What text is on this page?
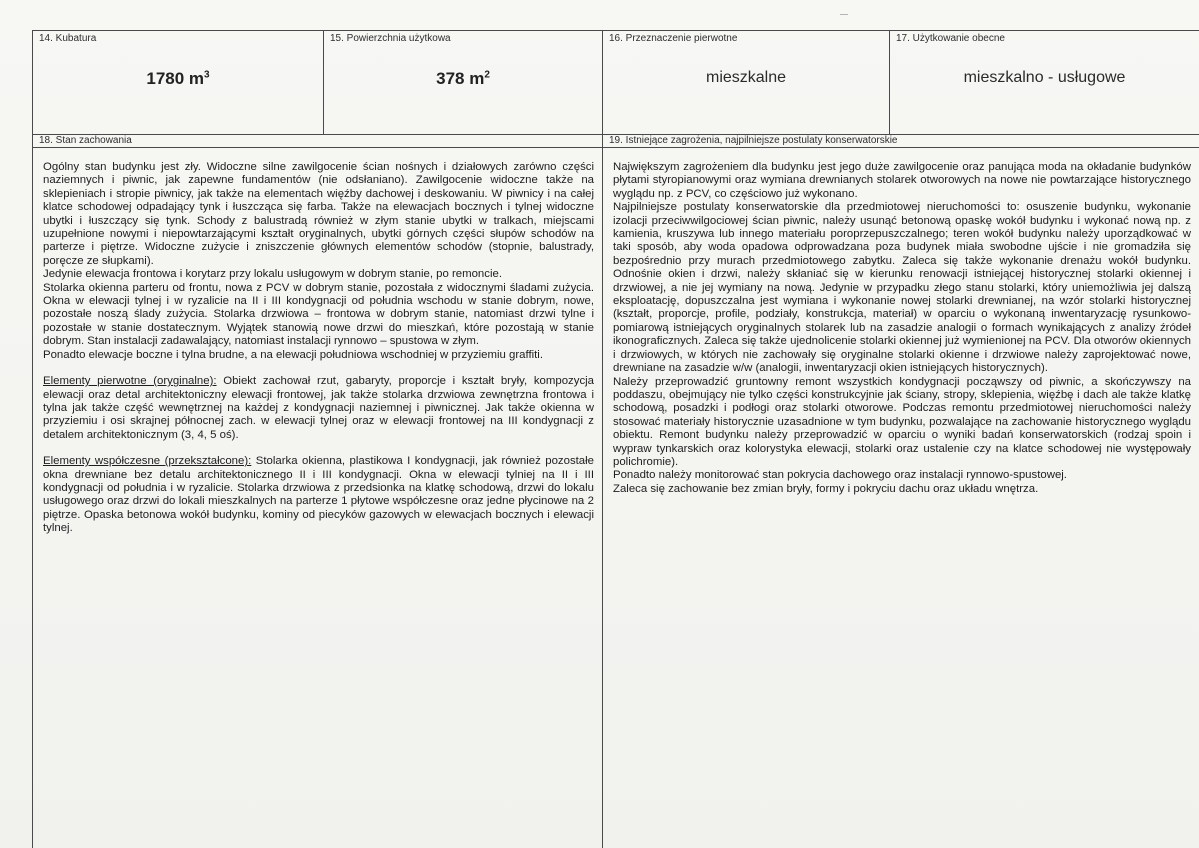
14. Kubatura
1780 $m^3$
15. Powierzchnia użytkowa
378 $m^2$
16. Przeznaczenie pierwotne
mieszkalne
17. Użytkowanie obecne
mieszkalno - usługowe
18. Stan zachowania

Ogólny stan budynku jest zły. Widoczne silne zawilgocenie ścian nośnych i działowych zarówno części naziemnych i piwnic, jak zapewne fundamentów (nie odsłaniano). Zawilgocenie widoczne także na sklepieniach i stropie piwnicy, jak także na elementach więźby dachowej i deskowaniu. W piwnicy i na całej klatce schodowej odpadający tynk i łuszcząca się farba. Także na elewacjach bocznych i tylnej widoczne ubytki i łuszczący się tynk. Schody z balustradą również w złym stanie ubytki w tralkach, miejscami uzupełnione nowymi i niepowtarzającymi kształt oryginalnych, ubytki górnych części słupów schodów na parterze i piętrze. Widoczne zużycie i zniszczenie głównych elementów schodów (stopnie, balustrady, poręcze ze słupkami).

Jedynie elewacja frontowa i korytarz przy lokalu usługowym w dobrym stanie, po remoncie.

Stolarka okienna parteru od frontu, nowa z PCV w dobrym stanie, pozostała z widocznymi śladami zużycia. Okna w elewacji tylnej i w ryzalicie na II i III kondygnacji od południa wschodu w stanie dobrym, nowe, pozostałe noszą ślady zużycia. Stolarka drzwiowa – frontowa w dobrym stanie, natomiast drzwi tylne i pozostałe w stanie dostatecznym. Wyjątek stanowią nowe drzwi do mieszkań, które pozostają w stanie dobrym. Stan instalacji zadawalający, natomiast instalacji rynnowo – spustowa w złym.

Ponadto elewacje boczne i tylna brudne, a na elewacji południowa wschodniej w przyziemiu graffiti.

Elementy pierwotne (oryginalne): Obiekt zachował rzut, gabaryty, proporcje i kształt bryły, kompozycja elewacji oraz detal architektoniczny elewacji frontowej, jak także stolarka drzwiowa zewnętrzna frontowa i tylna jak także część wewnętrznej na każdej z kondygnacji naziemnej i piwnicznej. Jak także okienna w przyziemiu i osi skrajnej północnej zach. w elewacji tylnej oraz w elewacji frontowej na III kondygnacji z detalem architektonicznym (3, 4, 5 oś).

Elementy współczesne (przekształcone): Stolarka okienna, plastikowa I kondygnacji, jak również pozostałe okna drewniane bez detalu architektonicznego II i III kondygnacji. Okna w elewacji tylniej na II i III kondygnacji od południa i w ryzalicie. Stolarka drzwiowa z przedsionka na klatkę schodową, drzwi do lokalu usługowego oraz drzwi do lokali mieszkalnych na parterze 1 płytowe współczesne oraz jedne płycinowe na 2 piętrze. Opaska betonowa wokół budynku, kominy od piecyków gazowych w elewacjach bocznych i elewacji tylnej.

19. Istniejące zagrożenia, najpilniejsze postulaty konserwatorskie

Największym zagrożeniem dla budynku jest jego duże zawilgocenie oraz panująca moda na okładanie budynków płytami styropianowymi oraz wymiana drewnianych stolarek otworowych na nowe nie powtarzające historycznego wyglądu np. z PCV, co częściowo już wykonano.

Najpilniejsze postulaty konserwatorskie dla przedmiotowej nieruchomości to: osuszenie budynku, wykonanie izolacji przeciwwilgociowej ścian piwnic, należy usunąć betonową opaskę wokół budynku i wykonać nową np. z kamienia, kruszywa lub innego materiału poroprzepuszczalnego; teren wokół budynku należy uporządkować w taki sposób, aby woda opadowa odprowadzana poza budynek miała swobodne ujście i nie gromadziła się bezpośrednio przy murach przedmiotowego zabytku. Zaleca się także wykonanie drenażu wokół budynku. Odnośnie okien i drzwi, należy skłaniać się w kierunku renowacji istniejącej historycznej stolarki okiennej i drzwiowej, a nie jej wymiany na nową. Jedynie w przypadku złego stanu stolarki, który uniemożliwia jej dalszą eksploatację, dopuszczalna jest wymiana i wykonanie nowej stolarki drewnianej, na wzór stolarki historycznej (kształt, proporcje, profile, podziały, konstrukcja, materiał) w oparciu o wykonaną inwentaryzację rysunkowo-pomiarową istniejących oryginalnych stolarek lub na zasadzie analogii o formach wynikających z analizy źródeł ikonograficznych. Zaleca się także ujednolicenie stolarki okiennej już wymienionej na PCV. Dla otworów okiennych i drzwiowych, w których nie zachowały się oryginalne stolarki okienne i drzwiowe należy zaprojektować nowe, drewniane na zasadzie w/w (analogii, inwentaryzacji okien istniejących historycznych).

Należy przeprowadzić gruntowny remont wszystkich kondygnacji począwszy od piwnic, a skończywszy na poddaszu, obejmujący nie tylko części konstrukcyjnie jak ściany, stropy, sklepienia, więźbę i dach ale także klatkę schodową, posadzki i podłogi oraz stolarki otworowe. Podczas remontu przedmiotowej nieruchomości należy stosować materiały historycznie uzasadnione w tym budynku, pozwalające na zachowanie historycznego wyglądu obiektu. Remont budynku należy przeprowadzić w oparciu o wyniki badań konserwatorskich (rodzaj spoin i wypraw tynkarskich oraz kolorystyka elewacji, stolarki oraz ustalenie czy na klatce schodowej nie występowały polichromie).

Ponadto należy monitorować stan pokrycia dachowego oraz instalacji rynnowo-spustowej.

Zaleca się zachowanie bez zmian bryły, formy i pokryciu dachu oraz układu wnętrza.
